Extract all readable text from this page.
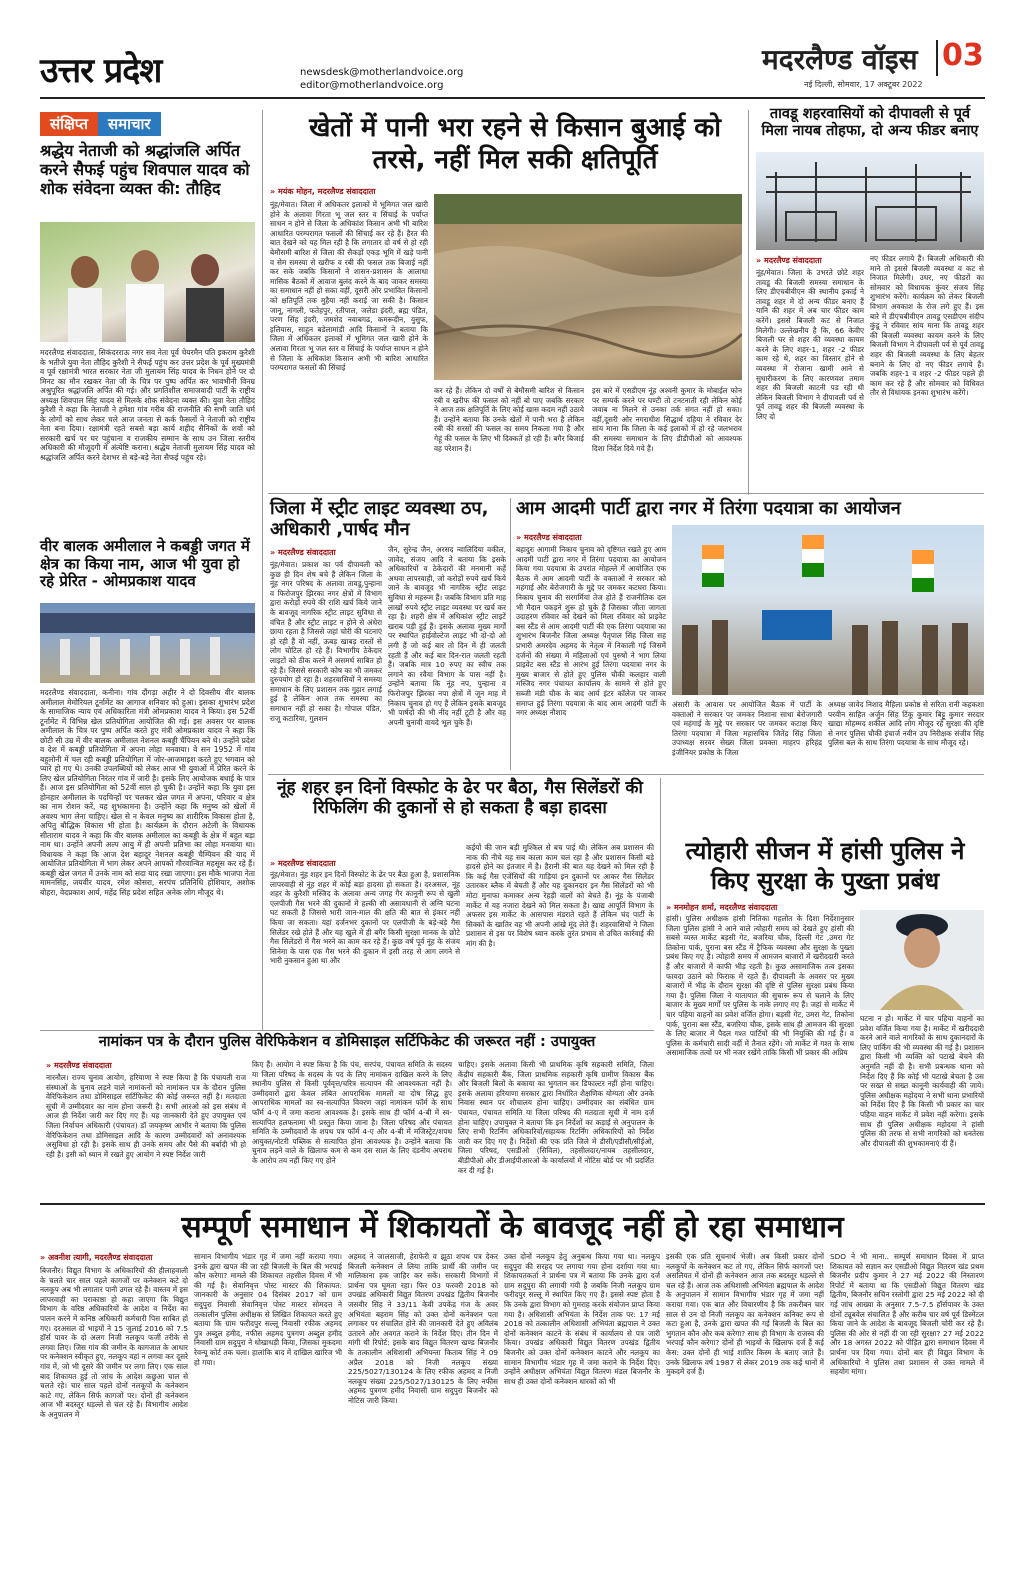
उत्तर प्रदेश	newsdesk@motherlandvoice.org
editor@motherlandvoice.org
मदरलैण्ड वॉइस 03
नई दिल्ली, सोमवार, 17 अक्टूबर 2022
संक्षिप्त समाचार
श्रद्धेय नेताजी को श्रद्धांजलि अर्पित करने सैफई पहुंच शिवपाल यादव को शोक संवेदना व्यक्त की: तौहिद
मदरलैण्ड संवाददाता, सिकंदरराऊ नगर सव नेता पूर्व चेयरमैन पति इकराम कुरैशी के भतीजे युवा नेता तौहिद कुरैशी ने सैफई पहुंच कर उत्तर प्रदेश के पूर्व मुख्यमंत्री व पूर्व रक्षामंत्री भारत सरकार नेता जी मुलायम सिंह यादव के निधन होने पर दो मिनट का मौन रखकर नेता जी के चित्र पर पुष्प अर्पित कर भावभीनी विनम्र अश्रुपूरित श्रद्धांजलि अर्पित की गई। और प्रगतिशील समाजवादी पार्टी के राष्ट्रीय अध्यक्ष शिवपाल सिंह यादव से मिलके शोक संवेदना व्यक्त की। युवा नेता तौहिद कुरैशी ने कहा कि नेताजी ने हमेशा गांव गरीब की राजनीति की सभी जाति धर्म के लोगों को साथ लेकर चले आज जनता से कर्क फैसलों ने नेताजी को राष्ट्रीय नेता बना दिया। रक्षामंत्री रहते सबसे बड़ा कार्य शहीद सैनिकों के शवों को सरकारी खर्च पर घर पहुंचाना व राजकीय सम्मान के साथ उन जिला स्तरीय अधिकारी की मौजूदगी में अंत्येष्टि कराना। श्रद्धेय नेताजी मुलायम सिंह यादव को श्रद्धांजलि अर्पित करने देशभर से बड़े-बड़े नेता सैफई पहुंच रहे।
वीर बालक अमीलाल ने कबड्डी जगत में क्षेत्र का किया नाम, आज भी युवा हो रहे प्रेरित - ओमप्रकाश यादव
मदरलैण्ड संवाददाता, कनीना। गांव दौंगड़ा अहीर ने दो दिवसीय वीर बालक अमीलाल मेमोरियल टूर्नामेंट का आगाज शनिवार को हुआ। इसका शुभारंभ प्रदेश के सामाजिक न्याय एवं अधिकारिता मंत्री ओमप्रकाश यादव ने किया। इस 52वीं टूर्नामेंट में विभिन्न खेल प्रतियोगिता आयोजित की गई। इस अवसर पर बालक अमीलाल के चित्र पर पुष्प अर्पित करते हुए मंत्री ओमप्रकाश यादव ने कहा कि छोटी सी उम्र में वीर बालक अमीलाल नेशनल कबड्डी चैंपियन बने थे। उन्होंने प्रदेश व देश में कबड्डी प्रतियोगिता में अपना लोहा मनवाया। वे सन 1952 में गांव बहुलोनी में चल रही कबड्डी प्रतियोगिता में जोर-आजमाइश करते हुए भगवान को प्यारे हो गए थे। उनकी उपलब्धियों को लेकर आज भी युवाओं में प्रेरित करने के लिए खेल प्रतियोगिता निरंतर गांव में जारी है। इसके लिए आयोजक बधाई के पात्र हैं। आज इस प्रतियोगिता को 52वीं साल हो चुकी है। उन्होंने कहा कि युवा इस होनहार अमीलाल के पदचिन्हों पर चलकर खेल जगत में अपना, परिवार व क्षेत्र का नाम रोशन करें, यह शुभकामना है। उन्होंने कहा कि मनुष्य को खेलों में अवश्य भाग लेना चाहिए। खेल से न केवल मनुष्य का शारीरिक विकास होता है, अपितु बौद्धिक विकास भी होता है। कार्यक्रम के दौरान अटेली के विधायक सीताराम यादव ने कहा कि वीर बालक अमीलाल का कबड्डी के क्षेत्र में बहुत बड़ा नाम था। उन्होंने अपनी अल्प आयु में ही अपनी प्रतिभा का लोहा मनवाया था। विधायक ने कहा कि आज देश बहादुर नेशनल कबड्डी चैम्पियन की याद में आयोजित प्रतियोगिता में भाग लेकर अपने आपको गौरवान्वित महसूस कर रहे हैं। कबड्डी खेल जगत में उनके नाम को सदा याद रखा जाएगा। इस मौके भाजपा नेता मामनसिंह, जयवीर यादव, रमेश कोसरा, सरपंच प्रतिनिधि होशियार, अशोक बोहरा, वेदप्रकाश आर्य, महेंद्र सिंह प्रदेश सहित अनेक लोग मौजूद थे।
खेतों में पानी भरा रहने से किसान बुआई को तरसे, नहीं मिल सकी क्षतिपूर्ति
» मयंक मोहन, मदरलैण्ड संवाददाता
नूंह/मेवात। जिला में अधिकतर इलाकों में भूमिगत जल खारी होने के अलावा गिरता भू जल स्तर व सिंचाई के पर्याप्त साधन न होने से जिला के अधिकांश किसान अभी भी बारिश आधारित परम्परागत फसलों की सिंचाई कर रहे हैं। हैरत की बात देखने को यह मिल रही है कि लगातार दो वर्ष से हो रही बेमौसमी बारिश से जिला की सैकड़ों एकड़ भूमि में खड़े पानी व सेम समस्या से खरीफ व रबी की फसल तक बिजाई नहीं कर सके जबकि किसानों ने शासन-प्रशासन के आलाधा मासिक बैठकों में आवाज बुलंद करने के बाद जाकर समस्या का समाधान नहीं हो सका वहीं, दूसरी ओर प्रभावित किसानों को क्षतिपूर्ति तक मुहैया नहीं कराई जा सकी है। किसान जानू, नांगली, फतेहपुर, रतीपाल, जलेडा इंदरी, ब्रह्म पंडित, परण सिंह इंदरी, जमशेद नवाबगढ, कमरूदीन, युसुफ, इलियास, साहुन बडेलामांडी आदि किसानों ने बताया कि जिला में अधिकतर इलाकों में भूमिगत जल खारी होने के अलावा गिरता भू जल स्तर व सिंचाई के पर्याप्त साधन न होने से जिला के अधिकांश किसान अभी भी बारिश आधारित परम्परागत फसलों की सिंचाई
कर रहे हैं। लेकिन दो वर्षों से बेमौसमी बारिश से किसान रबी व खरीफ की फसल को नहीं बो पाए जबकि सरकार ने आज तक क्षतिपूर्ति के लिए कोई खास कदम नहीं उठाये हैं। उन्होंने बताया कि उनके खेतों में पानी भरा है लेकिन रबी की सरसों की फसल का समय निकला गया है और गेहूं की फसल के लिए भी दिक्कतें हो रही हैं। बगैर बिजाई वह परेशान हैं।
इस बारे में एसडीएम नूंह अश्वनी कुमार के मोबाईल फोन पर सम्पर्क करने पर घण्टी तो टनटनाती रही लेकिन कोई जवाब ना मिलने से उनका तर्क संगत नहीं हो सका। वहीं,दूसरी ओर नगराधीश सिद्धार्थ दहिया ने रविवार देर सांय माना कि जिला के कई इलाकों में हो रहे जलभराव की समस्या समाधान के लिए डीडीपीओ को आवश्यक दिशा निर्देश दिये गये हैं।
तावडू शहरवासियों को दीपावली से पूर्व मिला नायब तोहफा, दो अन्य फीडर बनाए
» मदरलैण्ड संवाददाता
नूंह/मेवात। जिला के उभरते छोटे शहर तावडू की बिजली समस्या समाधान के लिए डीएचबीवीएन की स्थानीय इकाई ने तावडू शहर में दो अन्य फीडर बनाए हैं यानि की शहर में अब चार फीडर काम करेंगे। इससे बिजली कट से निजात मिलेगी। उल्लेखनीय है कि, 66 केवीए बिजली घर से शहर की व्यवस्था कायम करने के लिए शहर-1, शहर -2 फीडर काम रहे थे, शहर का विस्तार होने से व्यवस्था में रोजाना खामी आने से सुधारीकरण के लिए कारणवश तमाम शहर की बिजली काटनी पड रही थी लेकिन बिजली विभाग ने दीपावली पर्व से पूर्व तावडू शहर की बिजली व्यवस्था के लिए दो
नए फीडर लगाये हैं। बिजली अधिकारी की माने तो इससे बिजली व्यवस्था व कट से निजात मिलेगी। उधर, नए फीडरों का सोमवार को विधायक कुंवर संजय सिंह शुभारंभ करेंगे। कार्यक्रम को लेकर बिजली विभाग अवकाश के रोज लगे हुए हैं। इस बारे में डीएचबीवीएन तावडू एसडीएम संदीप कुंडू ने रविवार सांय माना कि तावडू शहर की बिजली व्यवस्था कायम करने के लिए बिजली विभाग ने दीपावली पर्व से पूर्व तावडू शहर की बिजली व्यवस्था के लिए बेहतर बनाने के लिए दो नए फीडर लगाये हैं। जबकि शहर-1 व शहर -2 फीडर पहले ही काम कर रहे हैं और सोमवार को विधिवत तौर से विधायक इनका शुभारंभ करेंगे।
जिला में स्ट्रीट लाइट व्यवस्था ठप, अधिकारी ,पार्षद मौन
» मदरलैण्ड संवाददाता
नूंह/मेवात। प्रकाश का पर्व दीपावली को कुछ ही दिन शेष बचे हैं लेकिन जिला के नूंह नगर परिषद के अलावा तावडू,पुन्हाना व फिरोजपुर झिरका नगर क्षेत्रों में विभाग द्वारा करोड़ों रुपये की राशि खर्च किये जाने के बावजूद नागरिक स्ट्रीट लाइट सुविधा से वंचित हैं और स्ट्रीट लाइट न होने से अंधेरा छाया रहता है जिससे जहां चोरी की घटनाएं हो रही हैं वो नहीं, ऊबड़ खाबड़ रास्तों से लोग चोटिल हो रहे हैं। विभागीय ठेकेदार लाइटों को ठीक करने में असमर्थ साबित हो रहे हैं। जिससे सरकारी कोष का भी जमकर दुरुपयोग हो रहा है। शहरवासियों ने समस्या समाधान के लिए प्रशासन तक गुहार लगाई हुई है लेकिन आज तक समस्या का समाधान नहीं हो सका है। गोपाल पंडित, राजू कटारिया, गुलशन
जैन, सुरेन्द्र जैन, अरसद न्वालिदिया वकील, जावेद, संजय आदि ने बताया कि इसके अधिकारियों व ठेकेदारों की मनमानी कहें अथवा लापरवाही, जो करोड़ों रुपये खर्च किये जाने के बावजूद भी नागरिक स्ट्रीट लाइट सुविधा से महरूम हैं। जबकि विभाग प्रति माह लाखों रुपये स्ट्रीट लाइट व्यवस्था पर खर्च कर रहा है। शहरी क्षेत्र में अधिकांश स्ट्रीट लाइटें खराब पड़ी हुई हैं। इसके अलावा मुख्य मार्गों पर स्थापित हाईवोल्टेज लाइट भी दो-दो ओ लगी हैं जो कई बार तो दिन में ही जलती रहती हैं और कई बार दिन-रात जलती रहती हैं। जबकि मात्र 10 रुपए का स्वीच तक लगाने का रवैया विभाग के पास नहीं है। उन्होंने बताया कि नूंह नप, पुन्हाना व फिरोजपुर झिरका नपा क्षेत्रों में जून माह में निकाय चुनाव हो गए हैं लेकिन इसके बावजूद भी पार्षदों की भी नींद नहीं टूटी है और वह अपनी चुनावी वायदे भूल चुके हैं।
आम आदमी पार्टी द्वारा नगर में तिरंगा पदयात्रा का आयोजन
» मदरलैण्ड संवाददाता
बहादुरः आगामी निकाय चुनाव को दृष्टिगत रखते हुए आम आदमी पार्टी द्वारा नगर में तिरंगा पदयात्रा का आयोजन किया गया पदयात्रा के उपरांत मोहल्ले में आयोजित एक बैठक में आम आदमी पार्टी के वक्ताओं ने सरकार को महंगाई और बेरोजगारी के मुद्दे पर जमकर कटघरा किया। निकाय चुनाव की सरगर्मियां तेज होते हैं राजनीतिक दल भी मैदान पकड़ने शुरू हो चुके हैं जिसका जीता जागता उदाहरण रविवार को देखने को मिला रविवार को प्राइवेट बस स्टैंड से आम आदमी पार्टी की एक तिरंगा पदयात्रा का शुभारंभ बिजनौर जिला अध्यक्ष पैतृपाल सिंह जिला सह प्रभारी अमरदेव अहमद के नेतृत्व में निकाली गई जिसमें दर्जनों की संख्या में महिलाओं एवं पुरुषों ने भाग लिया प्राइवेट बस स्टैंड से आरंभ हुई तिरंगा पदयात्रा नगर के मुख्य बाजार से होते हुए पुलिस चौकी कलहार वाली मस्जिद नगर पंचायत कार्यालय के सामने से होते हुए सब्जी मंडी चौक के बाद आर्य इंटर कॉलेज पर जाकर समाप्त हुई तिरंगा पदयात्रा के बाद आम आदमी पार्टी के नगर अध्यक्ष नौशाद
अंसारी के आवास पर आयोजित बैठक में पार्टी के वक्ताओं ने सरकार पर जमकर निशाना साधा बेरोजगारी एवं महंगाई के मुद्दे पर सरकार पर जमकर कटाक्ष किए तिरंगा पदयात्रा में जिला महासचिव जितेंद्र सिंह जिला उपाध्यक्ष सरवर सेख्स जिला प्रवक्ता माहरप हरिहंद्र इंजीनियर प्रकोष्ठ के जिला
अध्यक्ष जावेद निशाद मैहिला प्रकोष्ठ से सरिता रानी कहकशा परवीन साहित अर्जुन सिंह टिंकू कुमार बिट्टू कुमार सरदार खाद्या मोहम्मद शकील आदि लोग मौजूद रहे सुरक्षा की दृष्टि से नगर पुलिस चौकी इंचार्ज नवीन उप निरीक्षक संजीव सिंह पुलिस बल के साथ तिरंगा पदयात्रा के साथ मौजूद रहे।
नूंह शहर इन दिनों विस्फोट के ढेर पर बैठा, गैस सिलेंडरों की रिफिलिंग की दुकानों से हो सकता है बड़ा हादसा
» मदरलैण्ड संवाददाता
नूंह/मेवात। नूंह शहर इन दिनों विस्फोट के ढेर पर बैठा हुआ है, प्रशासनिक लापरवाही से नूंह शहर में कोई बड़ा हादसा हो सकता है। दरअसल, नूंह शहर के कुरैशी मस्जिद के अलावा अन्य जगह गैर कानूनी रूप से खुली एलपीजी गैस भरने की दुकानों में हल्की सी असावधानी से अग्नि घटना घट सकती है जिससे भारी जान-माल की क्षति की बात से इंकार नहीं किया जा सकता। यहां दर्जनभर दुकानों पर एलपीजी के बड़े-बड़े गैस सिलेंडर रखे होते हैं और यह खुले में ही बगैर किसी सुरक्षा मानक के छोटे गैस सिलेंडरों में गैस भरने का काम कर रहे हैं। कुछ वर्ष पूर्व नूंह के संजय सिनेमा के पास एक गैस भरने की दुकान में इसी तरह से आग लगने से भारी नुकसान हुआ था और
कईयों की जान बड़ी मुश्किल से बच पाई थी। लेकिन अब प्रशासन की नाक की नीचे यह सब काला काम चल रहा है और प्रशासन किसी बड़े हादसे होने का इंतजार में है। हैरानी की बात यह देखने को मिल रही है कि कई गैस एजेंसियों की गाड़ियां इन दुकानों पर आकर गैस सिलेंडर उतारकर ब्लैक में बेचती हैं और यह दुकानदार इन गैस सिलेंडरों को भी मोटा मुनाफा कमाकर अन्य रेहड़ी वालों को बेचते हैं। नूंह के पंजाबी मार्केट में यह नजारा देखने को मिल सकता है। खाद्य आपूर्ति विभाग के अफसर इस मार्केट के आसपास मंडराते रहते हैं लेकिन चंद पार्टी के सिक्कों के खातिर वह भी अपनी आंखे मूंद लेते हैं। शहरवासियों ने जिला प्रशासन से इस पर विशेष ध्यान करके तुरंत प्रभाव से उचित कार्रवाई की मांग की है।
त्योहारी सीजन में हांसी पुलिस ने किए सुरक्षा के पुख्ता प्रबंध
» मनमोहन शर्मा, मदरलैण्ड संवाददाता
हांसी। पुलिस अधीक्षक हांसी नितिका गहलोत के दिशा निर्देशानुसार जिला पुलिस हांसी ने आने वाले त्योहारी समय को देखते हुए हांसी की सबसे व्यस्त मार्केट बड़सी गेट, बजरिया चौक, दिल्ली गेट ,उमरा गेट तिकोना पार्क, पुराना बस स्टैंड में ट्रैफिक व्यवस्था और सुरक्षा के पुख्ता प्रबंध किए गए हैं। त्योहारी समय में आमजन बाजारों में खरीददारी करते हैं और बाजारों में काफी भीड़ रहती है। कुछ असामाजिक तत्व इसका फायदा उठाने को फिराक में रहते हैं। दीपावली के अवसर पर मुख्य बाजारों में भीड़ के दौरान सुरक्षा की दृष्टि से पुलिस सुरक्षा प्रबंध किया गया है। पुलिस जिला ने यातायात की सुचारू रूप से चलाने के लिए बाजार के मुख्य मार्गों पर पुलिस के नाके लगाए गए हैं। जहां से मार्केट में चार पहिया वाहनों का प्रवेश वर्जित होगा। बड़सी गेट, उमरा गेट, तिकोना पार्क, पुराना बस स्टैंड, बजरिया चौक, इसके साथ ही आमजन की सुरक्षा के लिए बाजार में पैदल गश्त पार्टियों की भी नियुक्ति की गई है। व पुलिस के कर्मचारी सादी वर्दी में तैनात रहेंगे। जो मार्केट में गश्त के साथ असामाजिक तत्वों पर भी नजर रखेंगे ताकि किसी भी प्रकार की अप्रिय
घटना न हो। मार्केट में चार पहिया वाहनों का प्रवेश वर्जित किया गया है। मार्केट में खरीददारी करने आने वाले नागरिकों के साथ दुकानदारों के लिए पार्किंग की भी व्यवस्था की गई है। प्रशासन द्वारा किसी भी व्यक्ति को पटाखे बेचने की अनुमति नहीं दी है। सभी प्रबन्धक थाना को निर्देश दिए हैं कि कोई भी पटाखे बेचता है उस पर सख्त से सख्त कानूनी कार्यवाही की जाये। पुलिस अधीक्षक महोदया ने सभी थाना प्रभारियों को निर्देश दिए हैं कि किसी भी प्रकार का चार पहिया वाहन मार्केट में प्रवेश नहीं करेगा। इसके साथ ही पुलिस अधीक्षक महोदया ने हांसी पुलिस की तरफ से सभी नागरिकों को धनतेरस और दीपावली की शुभकामनाएं दी हैं।
नामांकन पत्र के दौरान पुलिस वेरिफिकेशन व डोमिसाइल सर्टिफिकेट की जरूरत नहीं : उपायुक्त
» मदरलैण्ड संवाददाता
नारनौल। राज्य चुनाव आयोग, हरियाणा ने स्पष्ट किया है कि पंचायती राज संस्थाओं के चुनाव लड़ने वाले नामांकनों को नामांकन पत्र के दौरान पुलिस वेरिफिकेशन तथा डोमिसाइल सर्टिफिकेट की कोई जरूरत नहीं है। मतदाता सूची में उम्मीदवार का नाम होना जरूरी है। सभी आरओ को इस संबंध में आज ही निर्देश जारी कर दिए गए हैं। यह जानकारी देते हुए उपायुक्त एवं जिला निर्वाचन अधिकारी (पंचायत) डॉ जयकृष्ण आभीर ने बताया कि पुलिस वेरिफिकेशन तथा डोमिसाइल आदि के कारण उम्मीदवारों को अनावश्यक असुविधा हो रही है। इसके साथ ही उनके समय और पैसे की बर्बादी भी हो रही है। इसी को ध्यान में रखते हुए आयोग ने स्पष्ट निर्देश जारी
किए हैं। आयोग ने स्पष्ट किया है कि पंच, सरपंच, पंचायत समिति के सदस्य या जिला परिषद के सदस्य के पद के लिए नामांकन दाखिल करने के लिए स्थानीय पुलिस से किसी पूर्ववृत्त/चरित्र सत्यापन की आवश्यकता नहीं है। उम्मीदवारों द्वारा केवल लंबित आपराधिक मामलों या दोष सिद्ध हुए आपराधिक मामलों का स्व-सत्यापित विवरण जहां नामांकन फॉर्म के साथ फॉर्म 4-ए में जमा कराना आवश्यक है। इसके साथ ही फॉर्म 4-बी में स्व-सत्यापित हलफनामा भी प्रस्तुत किया जाना है। जिला परिषद और पंचायत समिति के उम्मीदवारों के शपथ पत्र फॉर्म 4-ए और 4-बी में मजिस्ट्रेट/शपथ आयुक्त/नोटरी पब्लिक से सत्यापित होना आवश्यक है। उन्होंने बताया कि चुनाव लड़ने वाले के खिलाफ कम से कम दस साल के लिए दंडनीय अपराध के आरोप तय नहीं किए गए होने
चाहिए। इसके अलावा किसी भी प्राथमिक कृषि सहकारी समिति, जिला केंद्रीय सहकारी बैंक, जिला प्राथमिक सहकारी कृषि ग्रामीण विकास बैंक और बिजली बिलों के बकाया का भुगतान कर डिफाल्टर नहीं होना चाहिए। इसके अलावा हरियाणा सरकार द्वारा निर्धारित शैक्षणिक योग्यता और उनके निवास स्थान पर शौचालय होना चाहिए। उम्मीदवार का संबंधित ग्राम पंचायत, पंचायत समिति या जिला परिषद की मतदाता सूची में नाम दर्ज होना चाहिए। उपायुक्त ने बताया कि इन निर्देशों का कड़ाई से अनुपालन के लिए सभी रिटर्निंग अधिकारियों/सहायक रिटर्निंग अधिकारियों को निर्देश जारी कर दिए गए हैं। निर्देशों की एक प्रति जिले में डीसी/एडीसी/सीईओ, जिला परिषद, एसडीओ (सिविल), तहसीलदार/नायब तहसीलदार, बीडीपीओ और डीआईपीआरओ के कार्यालयों में नोटिस बोर्ड पर भी प्रदर्शित कर दी गई है।
सम्पूर्ण समाधान में शिकायतों के बावजूद नहीं हो रहा समाधान
» अवनीश त्यागी, मदरलैण्ड संवाददाता
बिजनौर। विद्युत विभाग के अधिकारियों की हीलाहवाली के चलते चार साल पहले कागजों पर कनेक्शन कटे दो नलकूप अब भी लगातार पानी उगल रहे हैं। वास्तव में इस लापरवाही का पराकाष्ठा हो कहा जाएगा कि विद्युत विभाग के वरिष्ठ अधिकारियों के आदेश व निर्देश का पालन करने में कनिष्ठ अधिकारी कर्मचारी पिस साबित हो गए। दरअसल दो भाइयों ने 15 जुलाई 2016 को 7.5 हॉर्स पावर के दो अलग निजी नलकूप फर्जी तरीके से लगवा लिए। जिस गांव की जमीन के कागजात के आधार पर कनेक्शन स्वीकृत हुए, नलकूप वहां न लगवा कर दूसरे गांव में, जो भी दूसरे की जमीन पर लगा लिए। एक साल बाद शिकायत हुई तो जांच के आदेश कछुआ चाल से चलते रहे। चार साल पहले दोनों नलकूपों के कनेक्शन काटे गए, लेकिन सिर्फ कागजों पर। दोनों ही कनेक्शन आज भी बदस्तूर धड़ल्ले से चल रहे हैं। विभागीय आदेश के अनुपालन में
सामान विभागीय भंडार गृह में जमा नहीं कराया गया। इनके द्वारा खपत की जा रही बिजली के बिल की भरपाई कौन करेगा? मामले की शिकायत तहसील दिवस में भी की गई है। सेवानिवृत्त पोस्ट मास्टर की शिकायत: जानकारी के अनुसार 04 दिसंबर 2017 को ग्राम सदुपुरा निवासी सेवानिवृत्त पोस्ट मास्टर सोमदत्त ने तत्कालीन पुलिस अधीक्षक से लिखित शिकायत करते हुए बताया कि ग्राम फरीदपुर सल्लू निवासी रफीक अहमद पुत्र अब्दुल हमीद, नफीस अहमद पुत्रगण अब्दुल हमीद निवासी ग्राम सदुपुरा ने धोखाधड़ी किया, जिसका मुकदमा रेवन्यू कोर्ट तक चला। हालांकि बाद में दाखिल खारिज भी हो गया।
अहमद ने जालसाजी, हेराफेरी व झूठा शपथ पत्र देकर बिजली कनेक्शन ले लिया ताकि प्रार्थी की जमीन पर मालिकाना हक जाहिर कर सकें। सरकारी विभागों में प्रार्थना पत्र घूमता रहा। फिर 03 फरवरी 2018 को उपखंड अधिकारी विद्युत वितरण उपखंड द्वितीय बिजनौर जसवीर सिंह ने 33/11 केवी उपकेंद्र गंज के अवर अभियंता बहराम सिंह को उक्त दोनों कनेक्शन पता लगाकर पर संचालित होने की जानकारी देते हुए अविलंब उतारने और अवगत कराने के निर्देश दिए। तीन दिन में मांगी थी रिपोर्ट: इसके बाद विद्युत वितरण खण्ड बिजनौर के तत्कालीन अधिशासी अभियन्ता किताब सिंह ने 09 अप्रैल 2018 को निजी नलकूप संख्या 225/5027/130124 के लिए रफीक अहमद व निजी नलकूप संख्या 225/5027/130125 के लिए नफीस अहमद पुत्रगण हमीद निवासी ग्राम सदुपुरा बिजनौर को नोटिस जारी किया।
उक्त दोनों नलकूप हेतु अनुबन्ध किया गया था। नलकूप सदुपुरा की सरहद पर लगाया गया होना दर्शाया गया था। शिकायतकर्ता ने प्रार्थना पत्र में बताया कि उनके द्वारा दर्ज ग्राम सदुपुरा की लगायी गयी है जबकि निजी नलकूप ग्राम फरीदपुर सल्लू में स्थापित किए गए हैं। इससे स्पष्ट होता है कि उनके द्वारा विभाग को गुमराह करके संयोजन प्राप्त किया गया है। अधिशासी अभियंता के निर्देश ताक पर: 17 मई 2018 को तत्कालीन अधिशासी अभियंता ब्रह्मपाल ने उक्त दोनों कनेक्शन काटने के संबंध में कार्यालय से पत्र जारी किया। उपखंड अधिकारी विद्युत वितरण उपखंड द्वितीय बिजनौर को उक्त दोनों कनेक्शन काटने और नलकूप का सामान विभागीय भंडार गृह में जमा कराने के निर्देश दिए। उन्होंने अधीक्षण अभियंता विद्युत वितरण मंडल बिजनौर के साथ ही उक्त दोनों कनेक्शन धारकों को भी
इसकी एक प्रति सूचनार्थ भेजी। अब किसी प्रकार दोनों नलकूपों के कनेक्शन कट तो गए, लेकिन सिर्फ कागजों पर! असलियत में दोनों ही कनेक्शन आज तक बदस्तूर धड़ल्ले से चल रहे हैं। आज तक अधिशासी अभियंता ब्रह्मपाल के आदेश के अनुपालन में सामान विभागीय भंडार गृह में जमा नहीं कराया गया। एक बात और विचारणीय है कि तकरीबन चार साल से उन दो निजी नलकूप का कनेक्शन कनिक्ट रूप से कटा हुआ है, उनके द्वारा खपत की गई बिजली के बिल का भुगतान कौन और कब करेगा? साथ ही विभाग के राजस्व की भरपाई कौन करेगा? दोनों ही भाइयों के खिलाफ दर्ज हैं कई केस: उक्त दोनों ही भाई शातिर किस्म के बताए जाते हैं। उनके खिलाफ वर्ष 1987 से लेकर 2019 तक कई थानों में मुकदमें दर्ज हैं।
SDO ने भी माना.. सम्पूर्ण समाधान दिवस में प्राप्त शिकायत को सज्ञान कर एसडीओ विद्युत वितरण खंड प्रथम बिजनौर प्रदीप कुमार ने 27 मई 2022 की निस्तारण रिपोर्ट में बताया था कि एसडीओ विद्युत वितरण खंड द्वितीय, बिजनौर सचिन रस्तोगी द्वारा 25 मई 2022 को दी गई जांच आख्या के अनुसार 7.5-7.5 हॉर्सपावर के उक्त दोनों ट्यूबवेल संचालित हैं और करीब चार वर्ष पूर्व डिस्मेंटल किया जाने के आदेश के बावजूद बिजली चोरी कर रहे हैं। पुलिस की ओर से नहीं दी जा रही सुरक्षा? 27 मई 2022 और 18 अगस्त 2022 को पीड़ित द्वारा समाधान दिवस में प्रार्थना पत्र दिया गया। दोनों बार ही विद्युत विभाग के अधिकारियों ने पुलिस तथा प्रशासन से उक्त मामले में सहयोग मांगा।
